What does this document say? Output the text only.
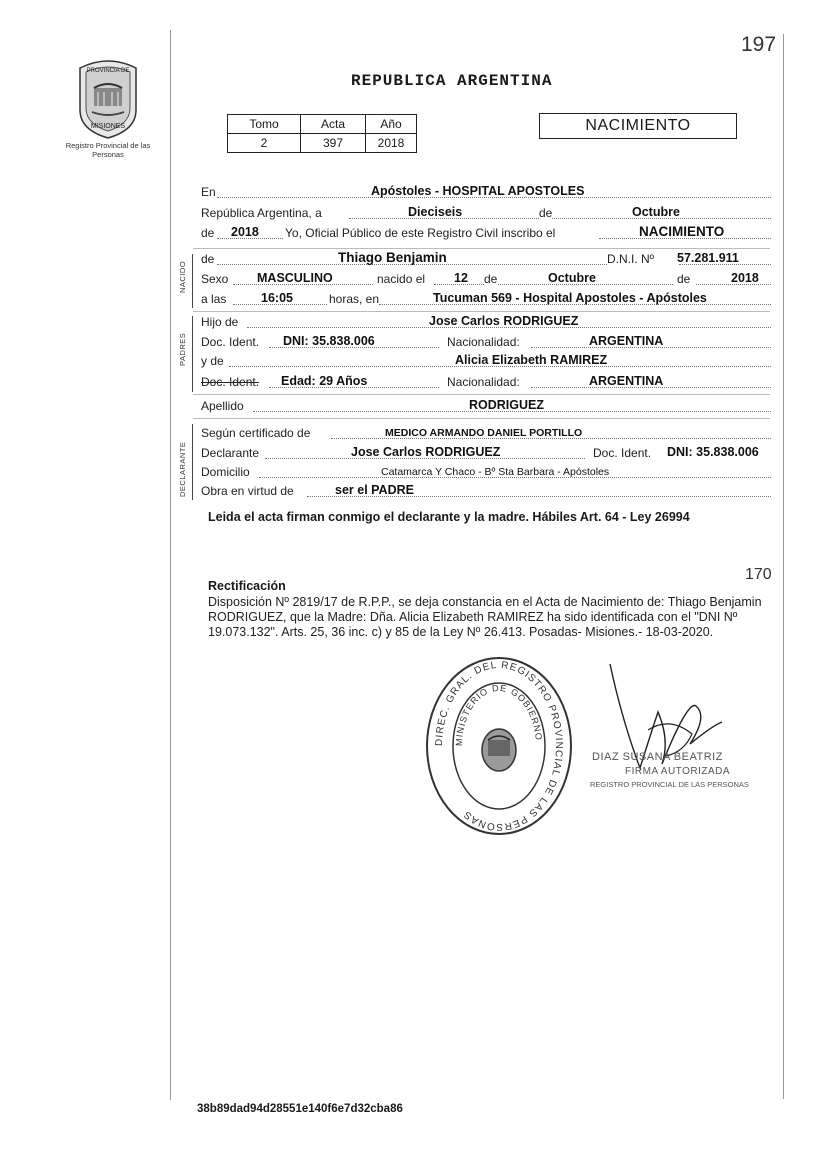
197
PROVINCIA DE
MISIONES
Registro Provincial de las Personas
REPUBLICA ARGENTINA
Tomo	Acta	Año
2	397	2018
NACIMIENTO
En	Apóstoles - HOSPITAL APOSTOLES
República Argentina, a	Dieciseis	de	Octubre
de 2018 Yo, Oficial Público de este Registro Civil inscribo el	NACIMIENTO
NACIDO
de	Thiago Benjamin	D.N.I. Nº 57.281.911
Sexo MASCULINO	nacido el 12 de	Octubre	de	2018
a las	16:05	horas, en	Tucuman 569 - Hospital Apostoles - Apóstoles
PADRES
Hijo de	Jose Carlos RODRIGUEZ
Doc. Ident. DNI: 35.838.006	Nacionalidad:	ARGENTINA
y de	Alicia Elizabeth RAMIREZ
Doc. Ident. Edad: 29 Años	Nacionalidad:	ARGENTINA
Apellido	RODRIGUEZ
DECLARANTE
Según certificado de	MEDICO ARMANDO DANIEL PORTILLO
Declarante	Jose Carlos RODRIGUEZ	Doc. Ident. DNI: 35.838.006
Domicilio	Catamarca Y Chaco - Bº Sta Barbara - Apóstoles
Obra en virtud de	ser el PADRE
Leida el acta firman conmigo el declarante y la madre. Hábiles Art. 64 - Ley 26994
170
Rectificación
Disposición Nº 2819/17 de R.P.P., se deja constancia en el Acta de Nacimiento de: Thiago Benjamin RODRIGUEZ, que la Madre: Dña. Alicia Elizabeth RAMIREZ ha sido identificada con el "DNI Nº 19.073.132". Arts. 25, 36 inc. c) y 85 de la Ley Nº 26.413. Posadas- Misiones.- 18-03-2020.
DIREC. GRAL. DEL REGISTRO PROVINCIAL DE LAS PERSONAS
MINISTERIO DE GOBIERNO
DIAZ SUSANA BEATRIZ
FIRMA AUTORIZADA
REGISTRO PROVINCIAL DE LAS PERSONAS
38b89dad94d28551e140f6e7d32cba86
